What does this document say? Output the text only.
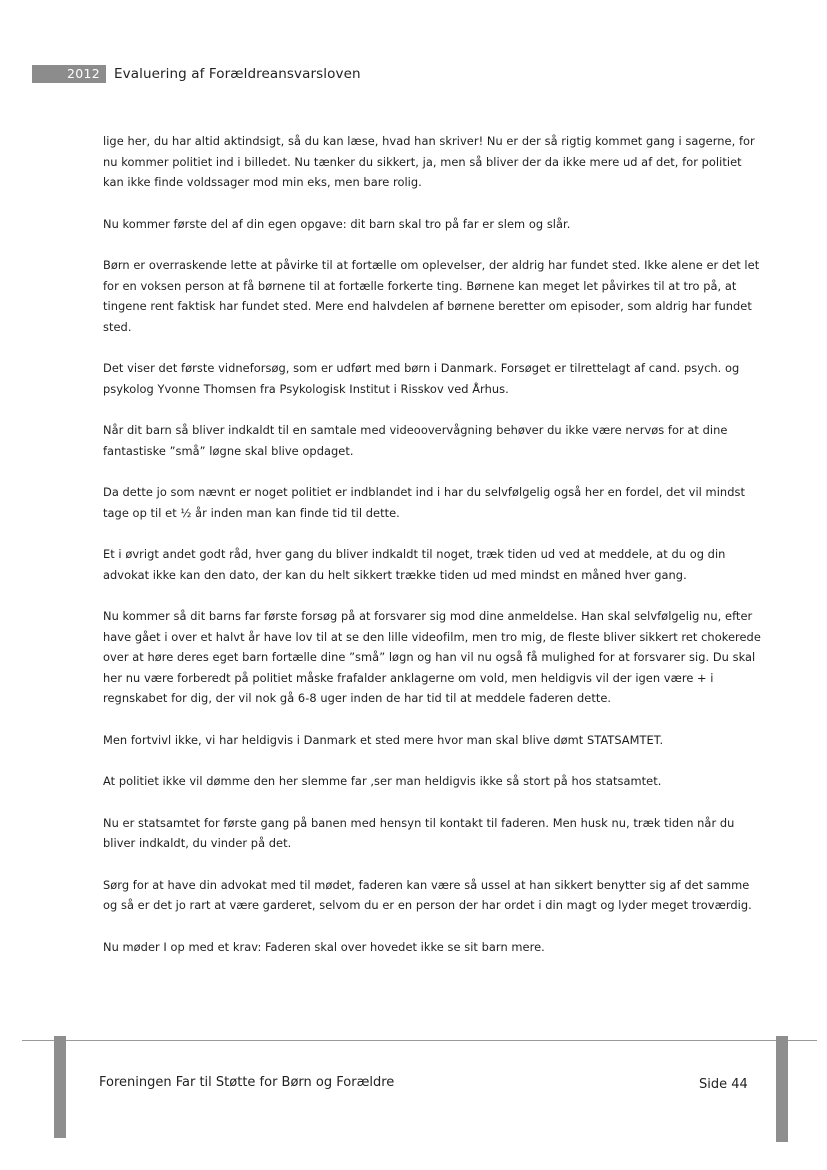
2012	Evaluering af Forældreansvarsloven

lige her, du har altid aktindsigt, så du kan læse, hvad han skriver! Nu er der så rigtig kommet gang i sagerne, for nu kommer politiet ind i billedet. Nu tænker du sikkert, ja, men så bliver der da ikke mere ud af det, for politiet kan ikke finde voldssager mod min eks, men bare rolig.

Nu kommer første del af din egen opgave: dit barn skal tro på far er slem og slår.

Børn er overraskende lette at påvirke til at fortælle om oplevelser, der aldrig har fundet sted. Ikke alene er det let for en voksen person at få børnene til at fortælle forkerte ting. Børnene kan meget let påvirkes til at tro på, at tingene rent faktisk har fundet sted. Mere end halvdelen af børnene beretter om episoder, som aldrig har fundet sted.

Det viser det første vidneforsøg, som er udført med børn i Danmark. Forsøget er tilrettelagt af cand. psych. og psykolog Yvonne Thomsen fra Psykologisk Institut i Risskov ved Århus.

Når dit barn så bliver indkaldt til en samtale med videoovervågning behøver du ikke være nervøs for at dine fantastiske ”små” løgne skal blive opdaget.

Da dette jo som nævnt er noget politiet er indblandet ind i har du selvfølgelig også her en fordel, det vil mindst tage op til et ½ år inden man kan finde tid til dette.

Et i øvrigt andet godt råd, hver gang du bliver indkaldt til noget, træk tiden ud ved at meddele, at du og din advokat ikke kan den dato, der kan du helt sikkert trække tiden ud med mindst en måned hver gang.

Nu kommer så dit barns far første forsøg på at forsvarer sig mod dine anmeldelse. Han skal selvfølgelig nu, efter have gået i over et halvt år have lov til at se den lille videofilm, men tro mig, de fleste bliver sikkert ret chokerede over at høre deres eget barn fortælle dine ”små” løgn og han vil nu også få mulighed for at forsvarer sig. Du skal her nu være forberedt på politiet måske frafalder anklagerne om vold, men heldigvis vil der igen være + i regnskabet for dig, der vil nok gå 6-8 uger inden de har tid til at meddele faderen dette.

Men fortvivl ikke, vi har heldigvis i Danmark et sted mere hvor man skal blive dømt STATSAMTET.

At politiet ikke vil dømme den her slemme far ,ser man heldigvis ikke så stort på hos statsamtet.

Nu er statsamtet for første gang på banen med hensyn til kontakt til faderen. Men husk nu, træk tiden når du bliver indkaldt, du vinder på det.

Sørg for at have din advokat med til mødet, faderen kan være så ussel at han sikkert benytter sig af det samme og så er det jo rart at være garderet, selvom du er en person der har ordet i din magt og lyder meget troværdig.

Nu møder I op med et krav: Faderen skal over hovedet ikke se sit barn mere.

Foreningen Far til Støtte for Børn og Forældre	Side 44
